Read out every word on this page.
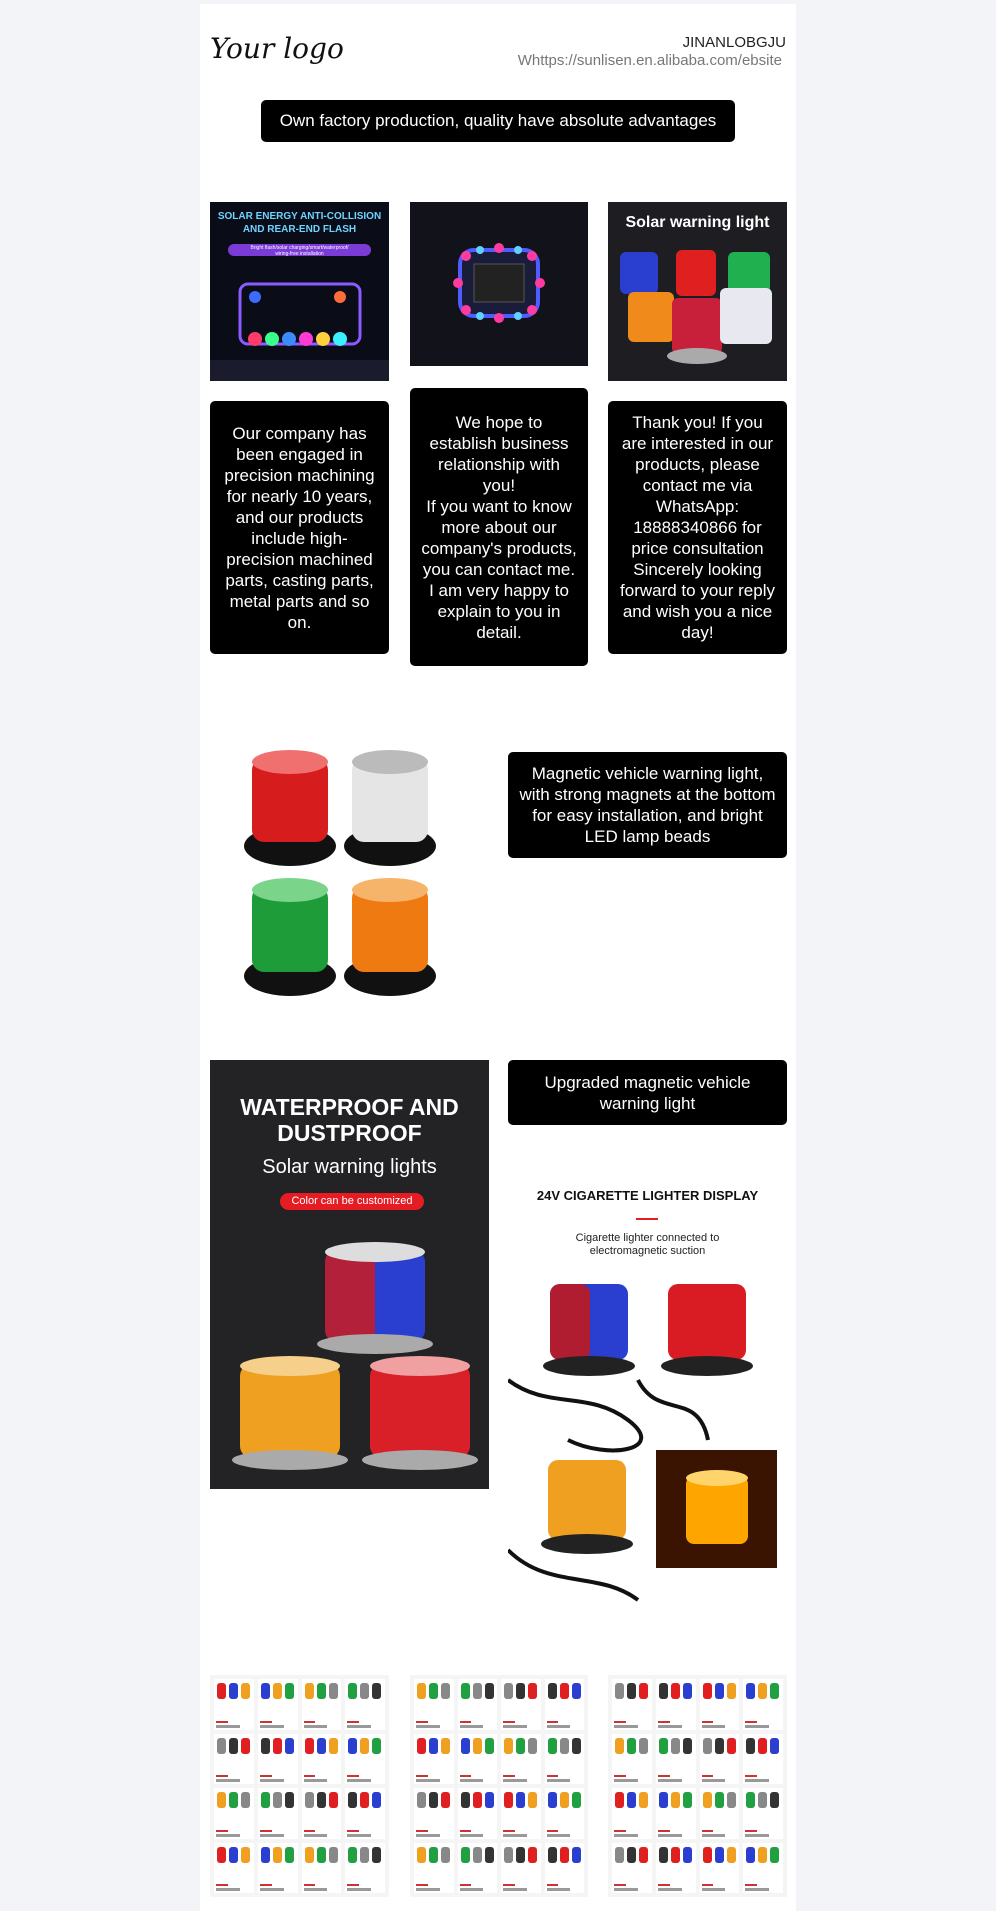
Your logo	JINANLOBGJU
Whttps://sunlisen.en.alibaba.com/ebsite
Own factory production, quality have absolute advantages
Solar warning light
SOLAR ENERGY ANTI-COLLISION
AND REAR-END FLASH
Bright flash/solar charging/smart/waterproof/
wiring-free installation
Our company has been engaged in precision machining for nearly 10 years, and our products include high-precision machined parts, casting parts, metal parts and so on.
We hope to establish business relationship with you!
If you want to know more about our company's products, you can contact me. I am very happy to explain to you in detail.
Thank you! If you are interested in our products, please contact me via WhatsApp: 18888340866 for price consultation Sincerely looking forward to your reply and wish you a nice day!
Magnetic vehicle warning light, with strong magnets at the bottom for easy installation, and bright LED lamp beads
WATERPROOF AND
DUSTPROOF
Solar warning lights
Color can be customized
Upgraded magnetic vehicle warning light
24V CIGARETTE LIGHTER DISPLAY
Cigarette lighter connected to
electromagnetic suction
